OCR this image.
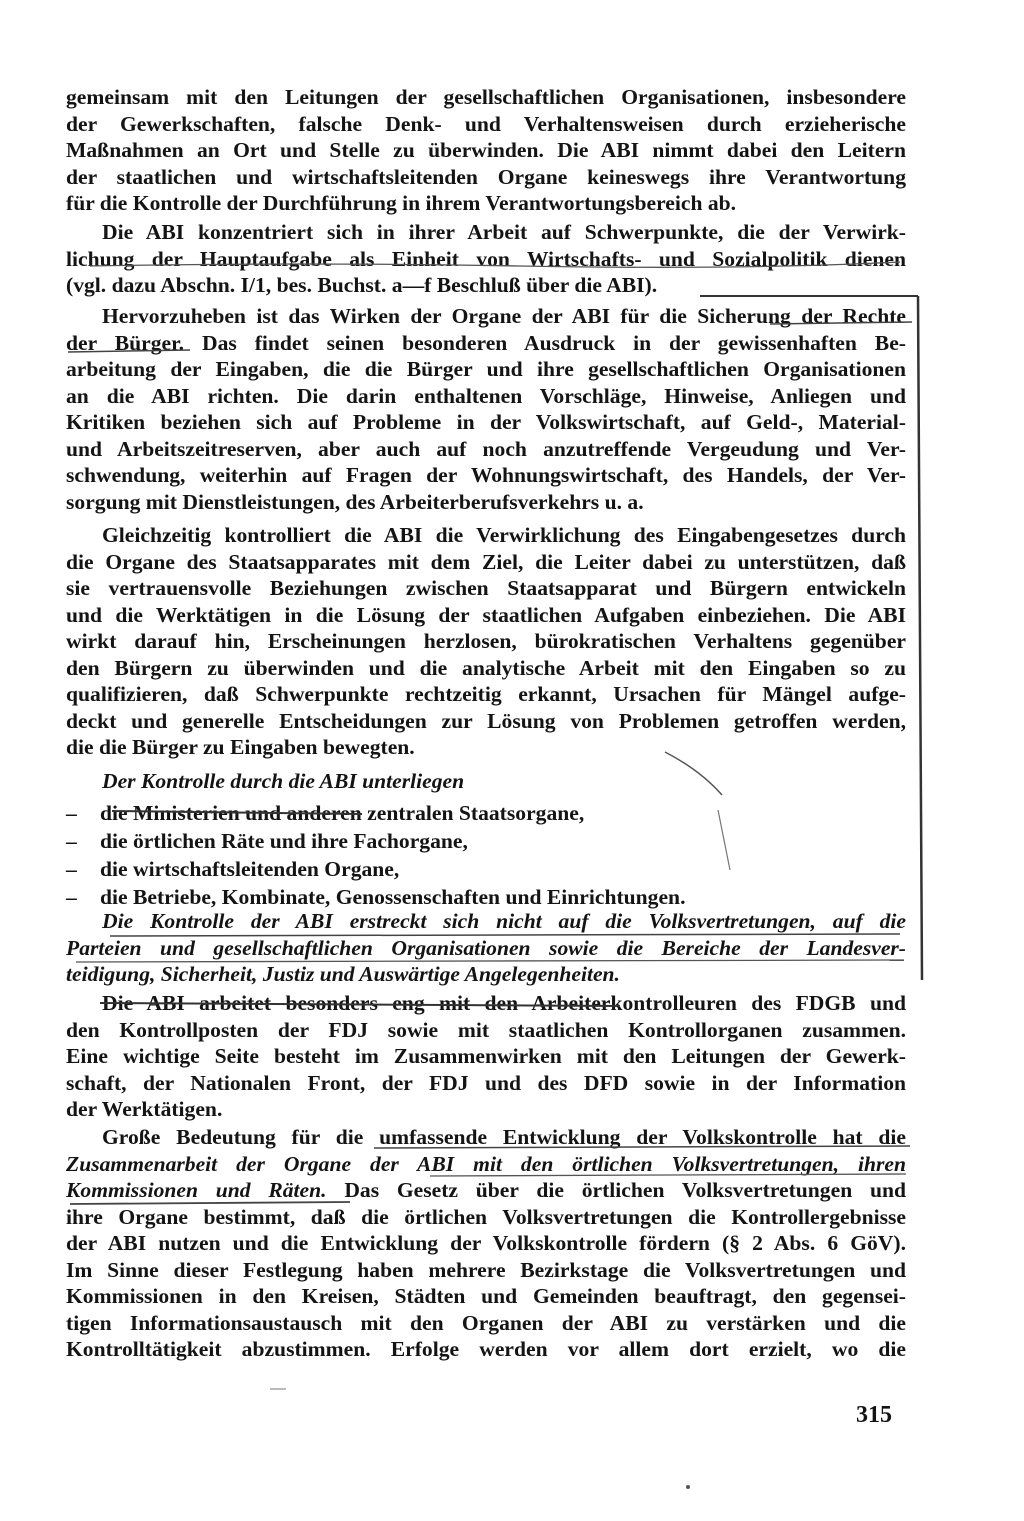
gemeinsam mit den Leitungen der gesellschaftlichen Organisationen, insbesondere
der Gewerkschaften, falsche Denk- und Verhaltensweisen durch erzieherische
Maßnahmen an Ort und Stelle zu überwinden. Die ABI nimmt dabei den Leitern
der staatlichen und wirtschaftsleitenden Organe keineswegs ihre Verantwortung
für die Kontrolle der Durchführung in ihrem Verantwortungsbereich ab.
Die ABI konzentriert sich in ihrer Arbeit auf Schwerpunkte, die der Verwirk-
lichung der Hauptaufgabe als Einheit von Wirtschafts- und Sozialpolitik dienen
(vgl. dazu Abschn. I/1, bes. Buchst. a—f Beschluß über die ABI).
Hervorzuheben ist das Wirken der Organe der ABI für die Sicherung der Rechte
der Bürger. Das findet seinen besonderen Ausdruck in der gewissenhaften Be-
arbeitung der Eingaben, die die Bürger und ihre gesellschaftlichen Organisationen
an die ABI richten. Die darin enthaltenen Vorschläge, Hinweise, Anliegen und
Kritiken beziehen sich auf Probleme in der Volkswirtschaft, auf Geld-, Material-
und Arbeitszeitreserven, aber auch auf noch anzutreffende Vergeudung und Ver-
schwendung, weiterhin auf Fragen der Wohnungswirtschaft, des Handels, der Ver-
sorgung mit Dienstleistungen, des Arbeiterberufsverkehrs u. a.
Gleichzeitig kontrolliert die ABI die Verwirklichung des Eingabengesetzes durch
die Organe des Staatsapparates mit dem Ziel, die Leiter dabei zu unterstützen, daß
sie vertrauensvolle Beziehungen zwischen Staatsapparat und Bürgern entwickeln
und die Werktätigen in die Lösung der staatlichen Aufgaben einbeziehen. Die ABI
wirkt darauf hin, Erscheinungen herzlosen, bürokratischen Verhaltens gegenüber
den Bürgern zu überwinden und die analytische Arbeit mit den Eingaben so zu
qualifizieren, daß Schwerpunkte rechtzeitig erkannt, Ursachen für Mängel aufge-
deckt und generelle Entscheidungen zur Lösung von Problemen getroffen werden,
die die Bürger zu Eingaben bewegten.
Der Kontrolle durch die ABI unterliegen
– die Ministerien und anderen zentralen Staatsorgane,
– die örtlichen Räte und ihre Fachorgane,
– die wirtschaftsleitenden Organe,
– die Betriebe, Kombinate, Genossenschaften und Einrichtungen.
Die Kontrolle der ABI erstreckt sich nicht auf die Volksvertretungen, auf die
Parteien und gesellschaftlichen Organisationen sowie die Bereiche der Landesver-
teidigung, Sicherheit, Justiz und Auswärtige Angelegenheiten.
Die ABI arbeitet besonders eng mit den Arbeiterkontrolleuren des FDGB und
den Kontrollposten der FDJ sowie mit staatlichen Kontrollorganen zusammen.
Eine wichtige Seite besteht im Zusammenwirken mit den Leitungen der Gewerk-
schaft, der Nationalen Front, der FDJ und des DFD sowie in der Information
der Werktätigen.
Große Bedeutung für die umfassende Entwicklung der Volkskontrolle hat die
Zusammenarbeit der Organe der ABI mit den örtlichen Volksvertretungen, ihren
Kommissionen und Räten. Das Gesetz über die örtlichen Volksvertretungen und
ihre Organe bestimmt, daß die örtlichen Volksvertretungen die Kontrollergebnisse
der ABI nutzen und die Entwicklung der Volkskontrolle fördern (§ 2 Abs. 6 GöV).
Im Sinne dieser Festlegung haben mehrere Bezirkstage die Volksvertretungen und
Kommissionen in den Kreisen, Städten und Gemeinden beauftragt, den gegensei-
tigen Informationsaustausch mit den Organen der ABI zu verstärken und die
Kontrolltätigkeit abzustimmen. Erfolge werden vor allem dort erzielt, wo die
315
